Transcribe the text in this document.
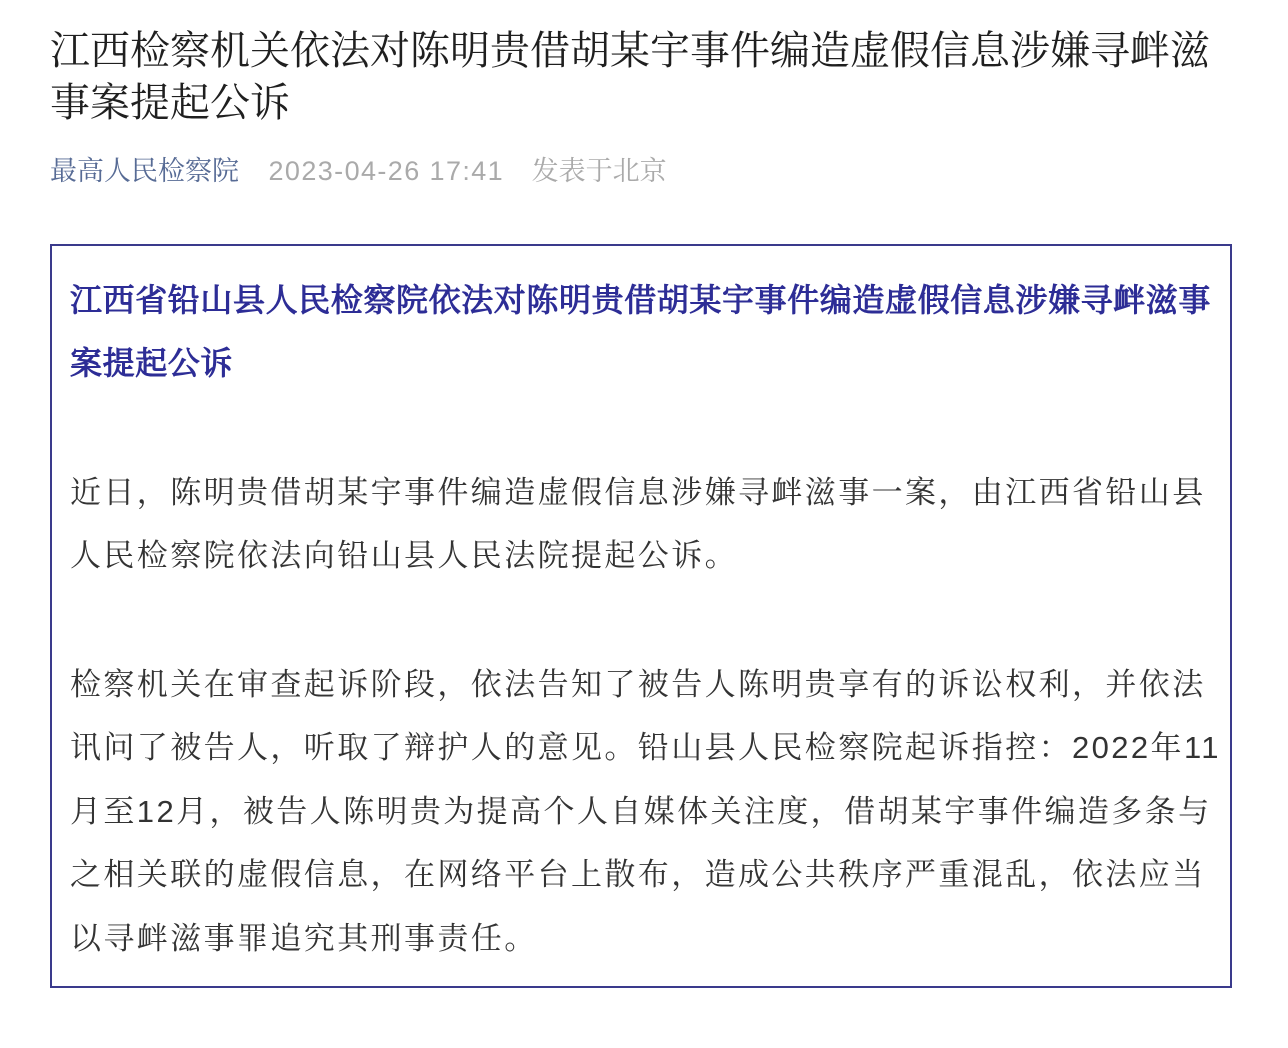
江西检察机关依法对陈明贵借胡某宇事件编造虚假信息涉嫌寻衅滋事案提起公诉
最高人民检察院 2023-04-26 17:41 发表于北京
江西省铅山县人民检察院依法对陈明贵借胡某宇事件编造虚假信息涉嫌寻衅滋事案提起公诉

近日，陈明贵借胡某宇事件编造虚假信息涉嫌寻衅滋事一案，由江西省铅山县人民检察院依法向铅山县人民法院提起公诉。

检察机关在审查起诉阶段，依法告知了被告人陈明贵享有的诉讼权利，并依法讯问了被告人，听取了辩护人的意见。铅山县人民检察院起诉指控：2022年11月至12月，被告人陈明贵为提高个人自媒体关注度，借胡某宇事件编造多条与之相关联的虚假信息，在网络平台上散布，造成公共秩序严重混乱，依法应当以寻衅滋事罪追究其刑事责任。
